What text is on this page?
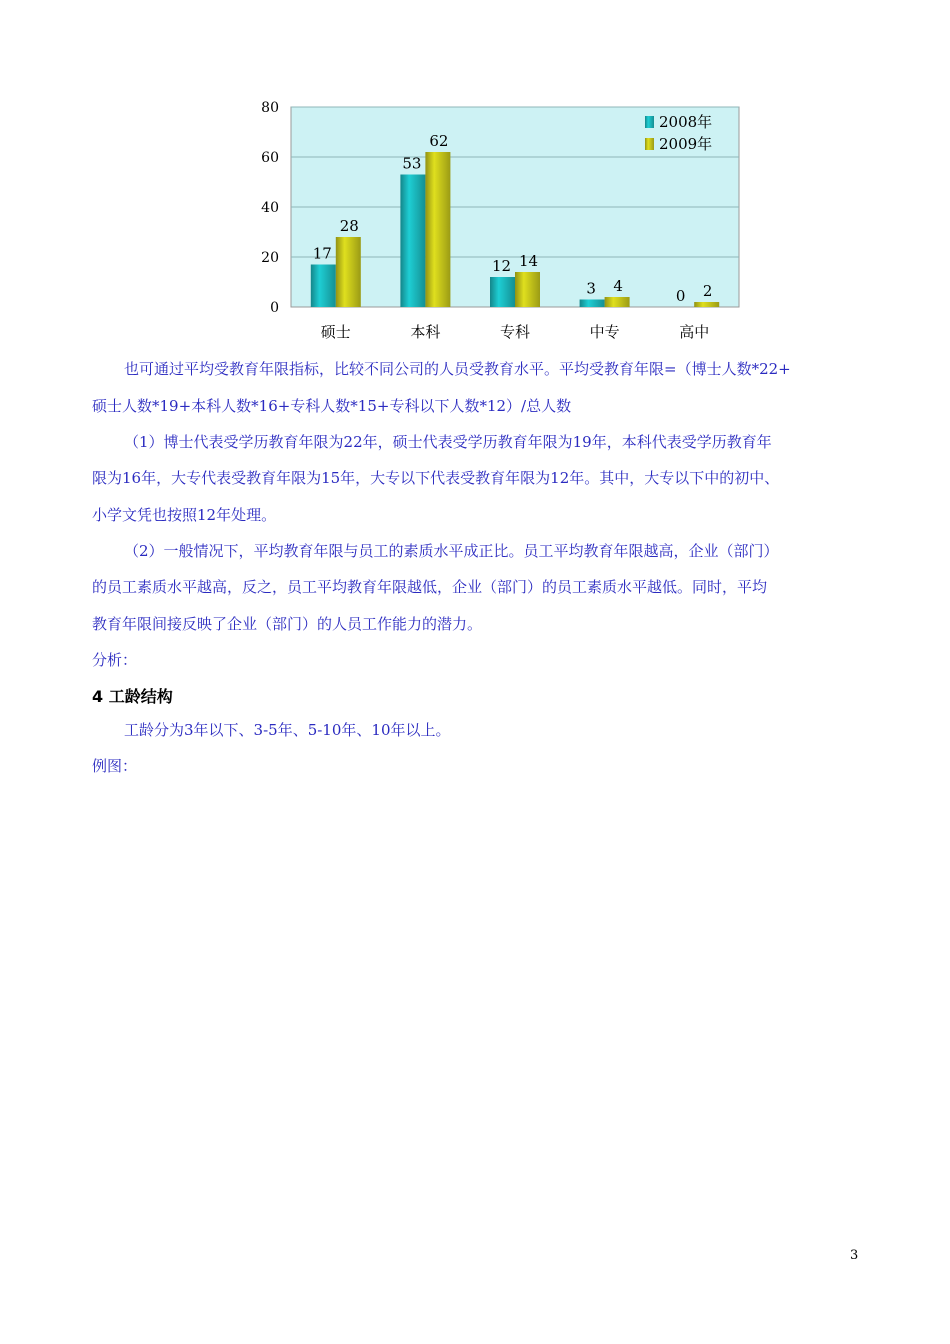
0
20
40
60
80
17
28
硕士
53
62
本科
12 14
专科
3 4
中专
0 2
高中
2008年
2009年
也可通过平均受教育年限指标，比较不同公司的人员受教育水平。平均受教育年限=（博士人数*22+
硕士人数*19+本科人数*16+专科人数*15+专科以下人数*12）/总人数
（1）博士代表受学历教育年限为22年，硕士代表受学历教育年限为19年，本科代表受学历教育年
限为16年，大专代表受教育年限为15年，大专以下代表受教育年限为12年。其中，大专以下中的初中、
小学文凭也按照12年处理。
（2）一般情况下，平均教育年限与员工的素质水平成正比。员工平均教育年限越高，企业（部门）
的员工素质水平越高，反之，员工平均教育年限越低，企业（部门）的员工素质水平越低。同时，平均
教育年限间接反映了企业（部门）的人员工作能力的潜力。
分析：
4 工龄结构
工龄分为3年以下、3-5年、5-10年、10年以上。
例图：
3
